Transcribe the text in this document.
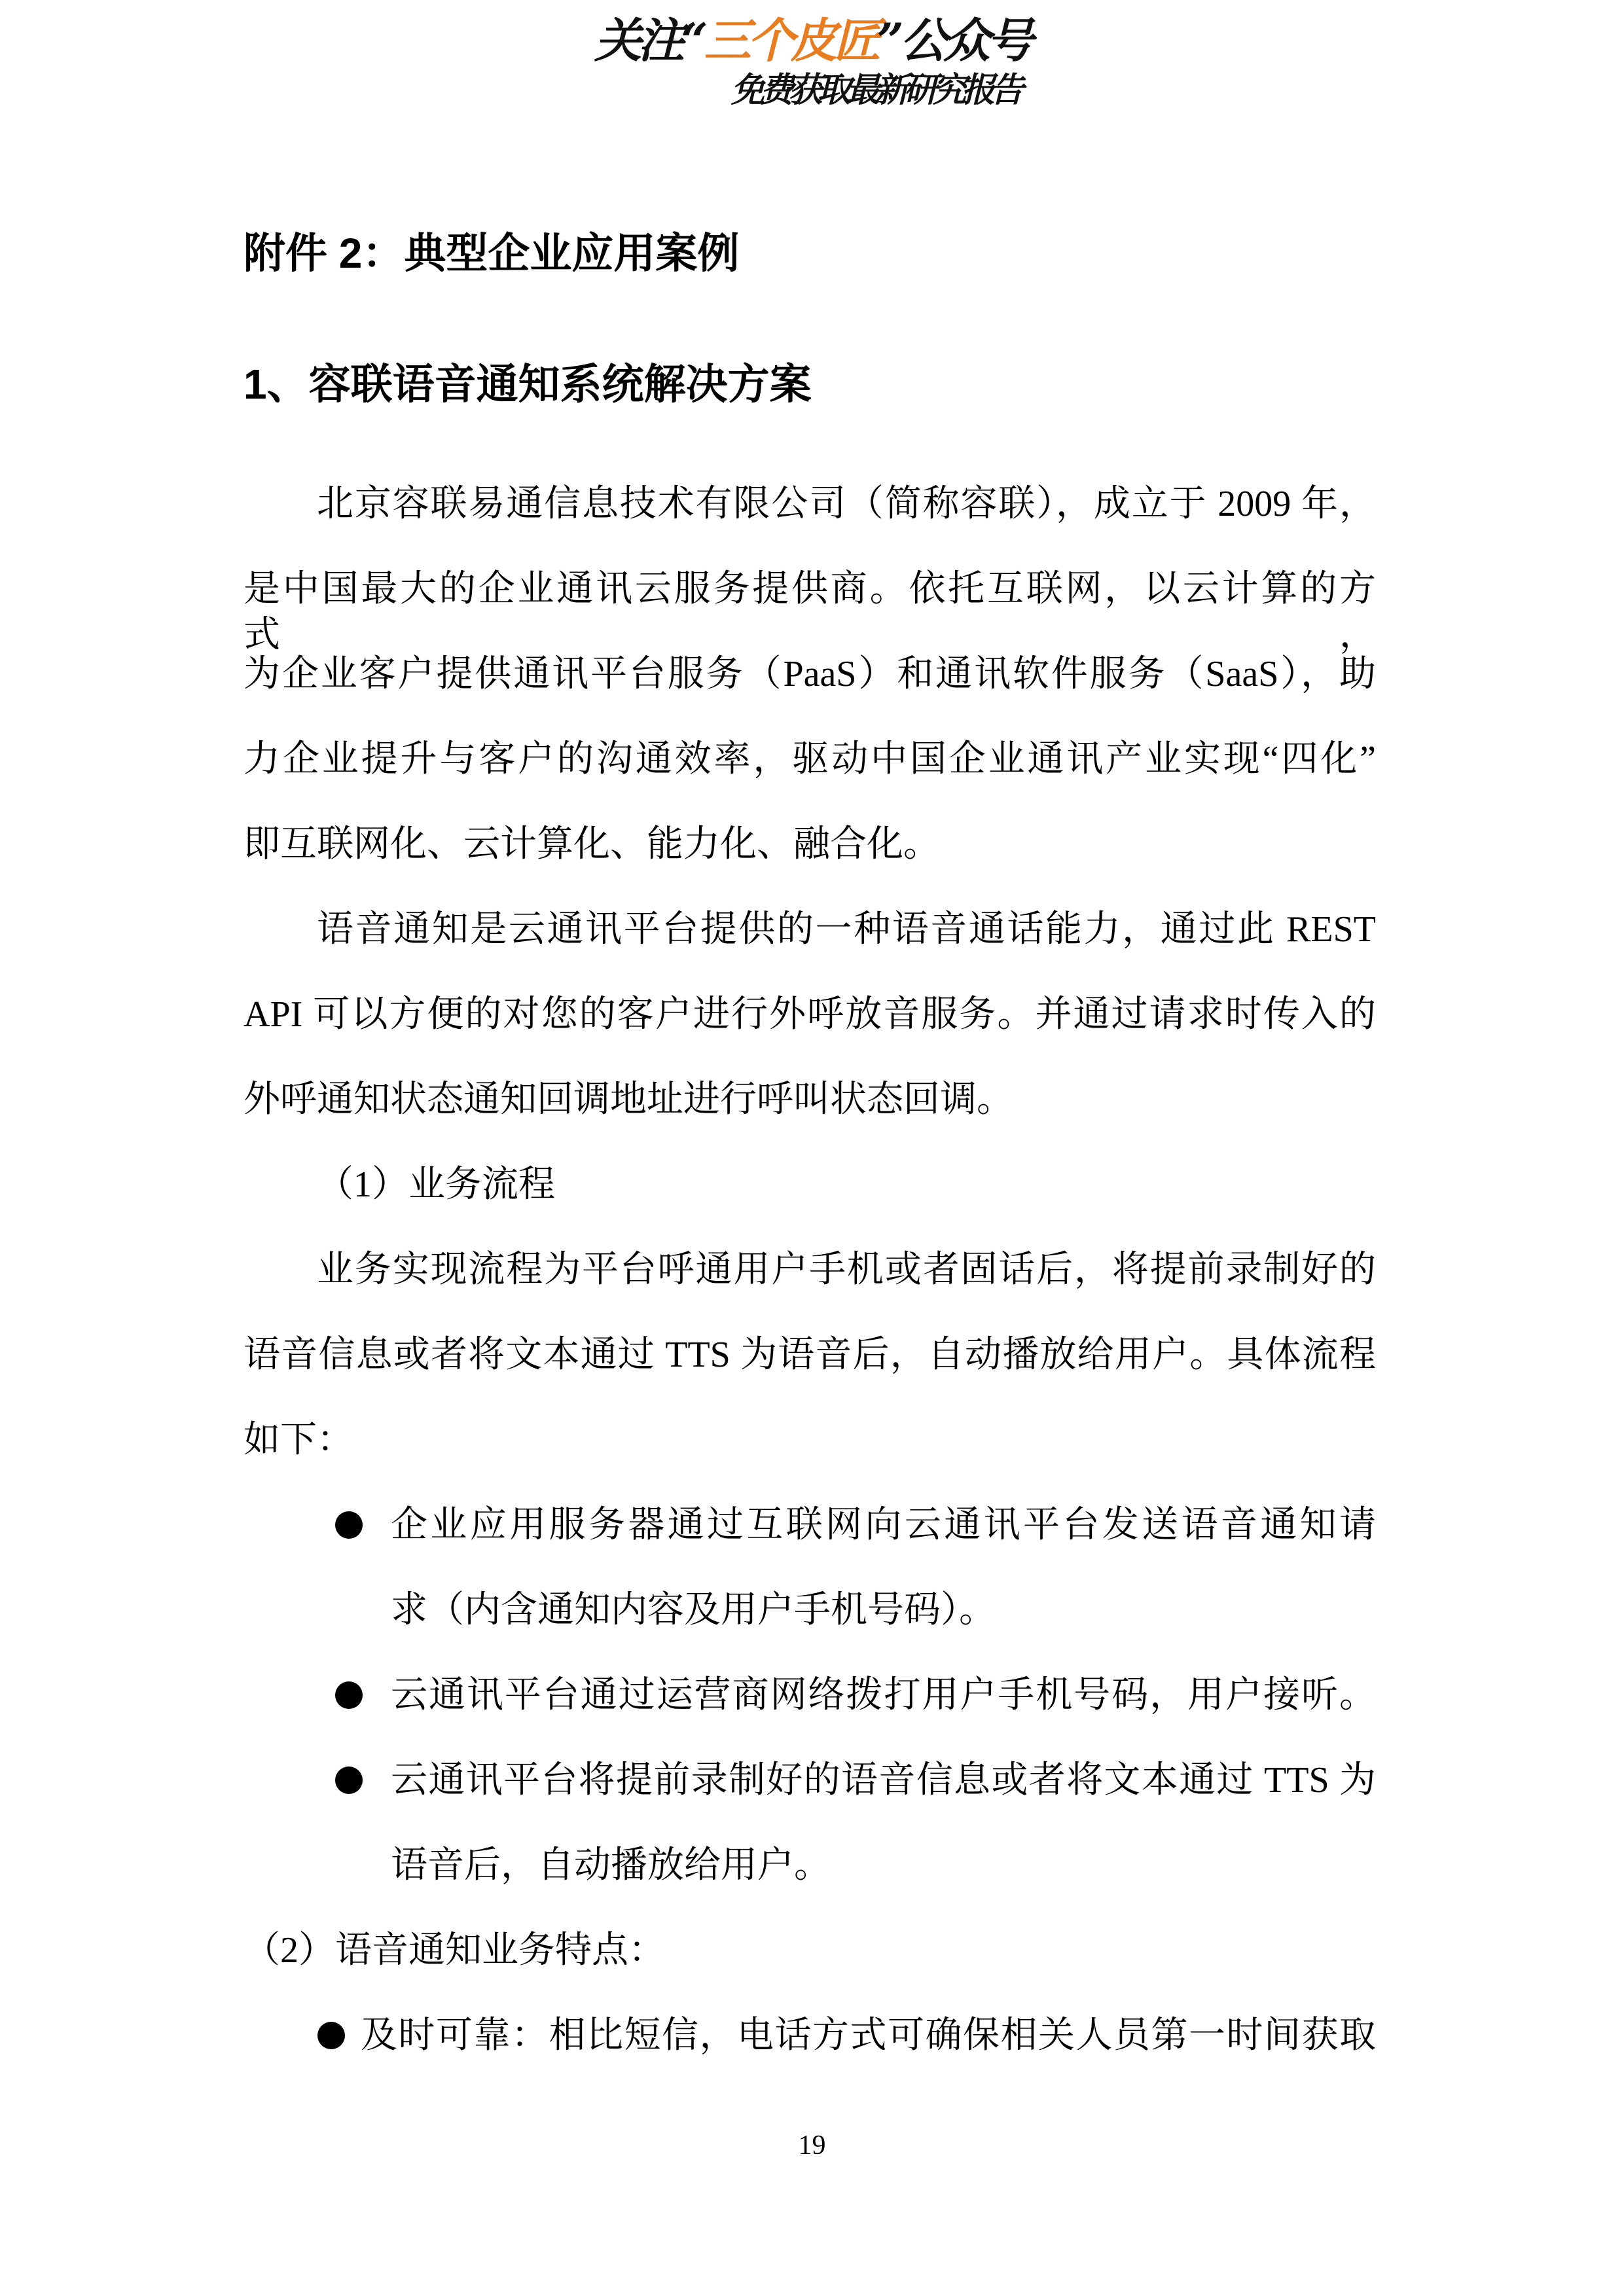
关注“三个皮匠”公众号
免费获取最新研究报告
附件 2：典型企业应用案例
1、容联语音通知系统解决方案
北京容联易通信息技术有限公司（简称容联），成立于 2009 年，
是中国最大的企业通讯云服务提供商。依托互联网，以云计算的方式，
为企业客户提供通讯平台服务（PaaS）和通讯软件服务（SaaS），助
力企业提升与客户的沟通效率，驱动中国企业通讯产业实现“四化”
即互联网化、云计算化、能力化、融合化。
语音通知是云通讯平台提供的一种语音通话能力，通过此 REST
API 可以方便的对您的客户进行外呼放音服务。并通过请求时传入的
外呼通知状态通知回调地址进行呼叫状态回调。
（1）业务流程
业务实现流程为平台呼通用户手机或者固话后，将提前录制好的
语音信息或者将文本通过 TTS 为语音后，自动播放给用户。具体流程
如下：
企业应用服务器通过互联网向云通讯平台发送语音通知请
求（内含通知内容及用户手机号码）。
云通讯平台通过运营商网络拨打用户手机号码，用户接听。
云通讯平台将提前录制好的语音信息或者将文本通过 TTS 为
语音后，自动播放给用户。
（2）语音通知业务特点：
及时可靠：相比短信，电话方式可确保相关人员第一时间获取
19
